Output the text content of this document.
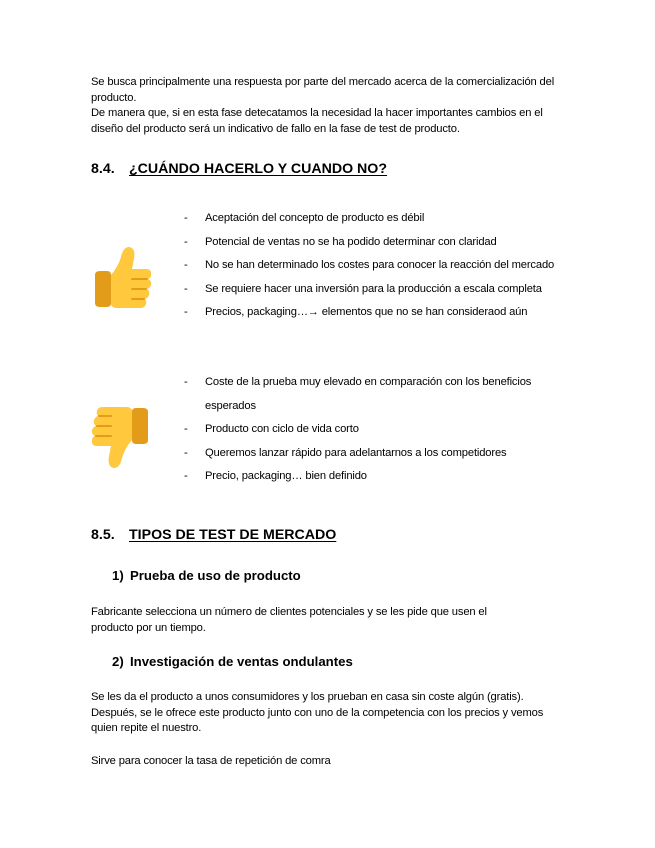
Se busca principalmente una respuesta por parte del mercado acerca de la comercialización del producto.

De manera que, si en esta fase detecatamos la necesidad la hacer importantes cambios en el diseño del producto será un indicativo de fallo en la fase de test de producto.

8.4. ¿CUÁNDO HACERLO Y CUANDO NO?
- Aceptación del concepto de producto es débil
- Potencial de ventas no se ha podido determinar con claridad
- No se han determinado los costes para conocer la reacción del mercado
- Se requiere hacer una inversión para la producción a escala completa
- Precios, packaging…→ elementos que no se han consideraod aún
- Coste de la prueba muy elevado en comparación con los beneficios esperados
- Producto con ciclo de vida corto
- Queremos lanzar rápido para adelantarnos a los competidores
- Precio, packaging… bien definido
8.5. TIPOS DE TEST DE MERCADO
1) Prueba de uso de producto

Fabricante selecciona un número de clientes potenciales y se les pide que usen el producto por un tiempo.

2) Investigación de ventas ondulantes

Se les da el producto a unos consumidores y los prueban en casa sin coste algún (gratis). Después, se le ofrece este producto junto con uno de la competencia con los precios y vemos quien repite el nuestro.

Sirve para conocer la tasa de repetición de comra
